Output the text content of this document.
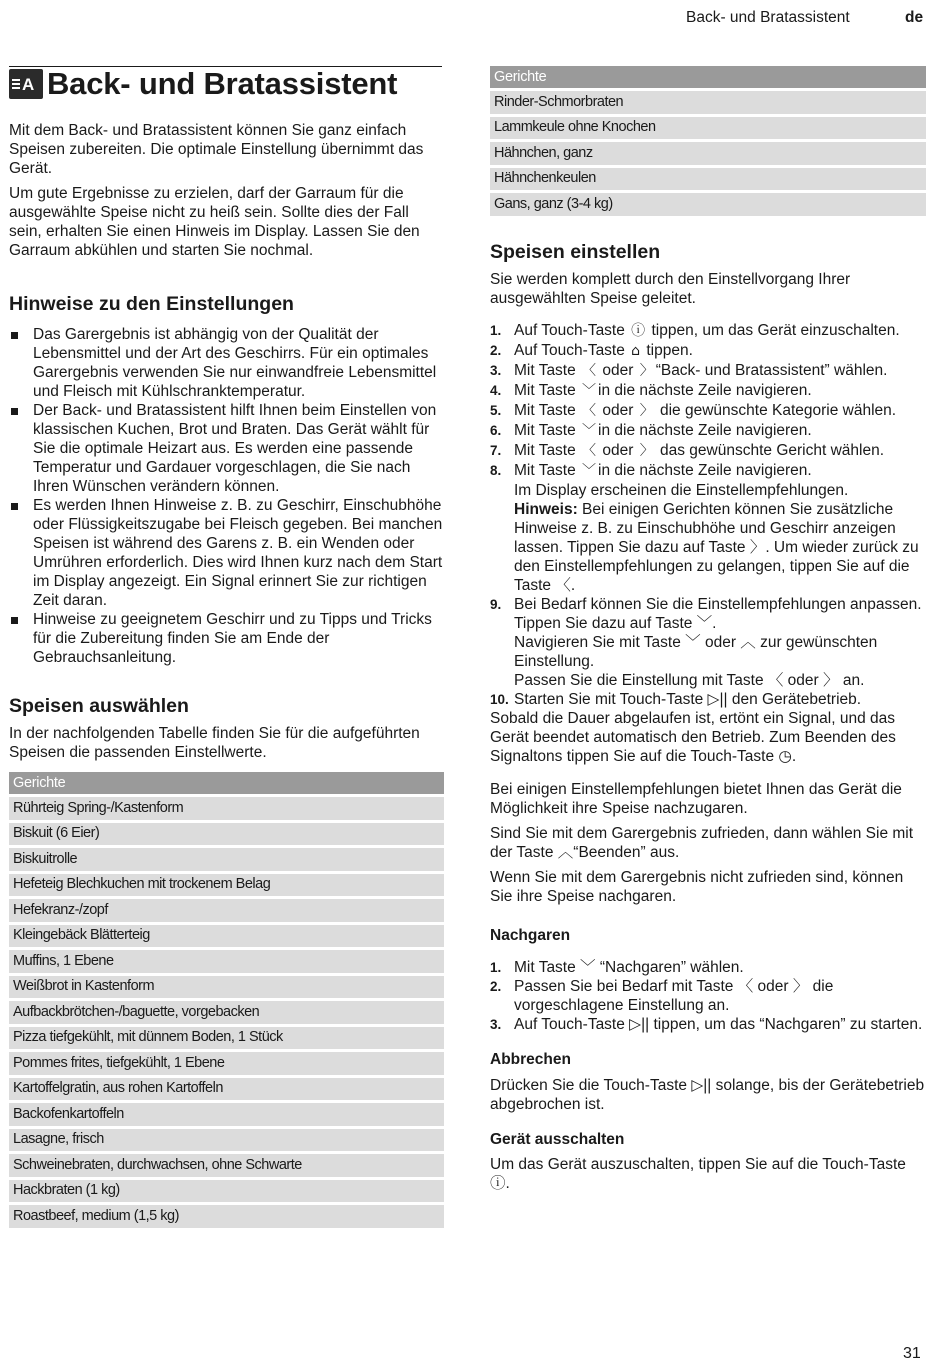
Back- und Bratassistent	de
A Back- und Bratassistent

Mit dem Back- und Bratassistent können Sie ganz einfach Speisen zubereiten. Die optimale Einstellung übernimmt das Gerät.

Um gute Ergebnisse zu erzielen, darf der Garraum für die ausgewählte Speise nicht zu heiß sein. Sollte dies der Fall sein, erhalten Sie einen Hinweis im Display. Lassen Sie den Garraum abkühlen und starten Sie nochmal.

Hinweise zu den Einstellungen
Das Garergebnis ist abhängig von der Qualität der Lebensmittel und der Art des Geschirrs. Für ein optimales Garergebnis verwenden Sie nur einwandfreie Lebensmittel und Fleisch mit Kühlschranktemperatur.
Der Back- und Bratassistent hilft Ihnen beim Einstellen von klassischen Kuchen, Brot und Braten. Das Gerät wählt für Sie die optimale Heizart aus. Es werden eine passende Temperatur und Gardauer vorgeschlagen, die Sie nach Ihren Wünschen verändern können.
Es werden Ihnen Hinweise z. B. zu Geschirr, Einschubhöhe oder Flüssigkeitszugabe bei Fleisch gegeben. Bei manchen Speisen ist während des Garens z. B. ein Wenden oder Umrühren erforderlich. Dies wird Ihnen kurz nach dem Start im Display angezeigt. Ein Signal erinnert Sie zur richtigen Zeit daran.
Hinweise zu geeignetem Geschirr und zu Tipps und Tricks für die Zubereitung finden Sie am Ende der Gebrauchsanleitung.
Speisen auswählen

In der nachfolgenden Tabelle finden Sie für die aufgeführten Speisen die passenden Einstellwerte.

Gerichte
Rührteig Spring-/Kastenform
Biskuit (6 Eier)
Biskuitrolle
Hefeteig Blechkuchen mit trockenem Belag
Hefekranz-/zopf
Kleingebäck Blätterteig
Muffins, 1 Ebene
Weißbrot in Kastenform
Aufbackbrötchen-/baguette, vorgebacken
Pizza tiefgekühlt, mit dünnem Boden, 1 Stück
Pommes frites, tiefgekühlt, 1 Ebene
Kartoffelgratin, aus rohen Kartoffeln
Backofenkartoffeln
Lasagne, frisch
Schweinebraten, durchwachsen, ohne Schwarte
Hackbraten (1 kg)
Roastbeef, medium (1,5 kg)
Gerichte
Rinder-Schmorbraten
Lammkeule ohne Knochen
Hähnchen, ganz
Hähnchenkeulen
Gans, ganz (3-4 kg)
Speisen einstellen

Sie werden komplett durch den Einstellvorgang Ihrer ausgewählten Speise geleitet.

1. Auf Touch-Taste ⓘ tippen, um das Gerät einzuschalten.
2. Auf Touch-Taste ⌂ tippen.
3. Mit Taste 〈 oder 〉 “Back- und Bratassistent” wählen.
4. Mit Taste ﹀ in die nächste Zeile navigieren.
5. Mit Taste 〈 oder 〉 die gewünschte Kategorie wählen.
6. Mit Taste ﹀ in die nächste Zeile navigieren.
7. Mit Taste 〈 oder 〉 das gewünschte Gericht wählen.
8. Mit Taste ﹀ in die nächste Zeile navigieren.
Im Display erscheinen die Einstellempfehlungen.
Hinweis: Bei einigen Gerichten können Sie zusätzliche Hinweise z. B. zu Einschubhöhe und Geschirr anzeigen lassen. Tippen Sie dazu auf Taste 〉. Um wieder zurück zu den Einstellempfehlungen zu gelangen, tippen Sie auf die Taste 〈.
9. Bei Bedarf können Sie die Einstellempfehlungen anpassen. Tippen Sie dazu auf Taste ﹀.
Navigieren Sie mit Taste ﹀ oder ︿ zur gewünschten Einstellung.
Passen Sie die Einstellung mit Taste 〈 oder 〉 an.
10. Starten Sie mit Touch-Taste ▷|| den Gerätebetrieb.

Sobald die Dauer abgelaufen ist, ertönt ein Signal, und das Gerät beendet automatisch den Betrieb. Zum Beenden des Signaltons tippen Sie auf die Touch-Taste ◷.

Bei einigen Einstellempfehlungen bietet Ihnen das Gerät die Möglichkeit ihre Speise nachzugaren.

Sind Sie mit dem Garergebnis zufrieden, dann wählen Sie mit der Taste ︿“Beenden” aus.

Wenn Sie mit dem Garergebnis nicht zufrieden sind, können Sie ihre Speise nachgaren.

Nachgaren
1. Mit Taste ﹀ “Nachgaren” wählen.
2. Passen Sie bei Bedarf mit Taste 〈 oder 〉 die vorgeschlagene Einstellung an.
3. Auf Touch-Taste ▷|| tippen, um das “Nachgaren” zu starten.
Abbrechen

Drücken Sie die Touch-Taste ▷|| solange, bis der Gerätebetrieb abgebrochen ist.

Gerät ausschalten

Um das Gerät auszuschalten, tippen Sie auf die Touch-Taste ⓘ.

31
